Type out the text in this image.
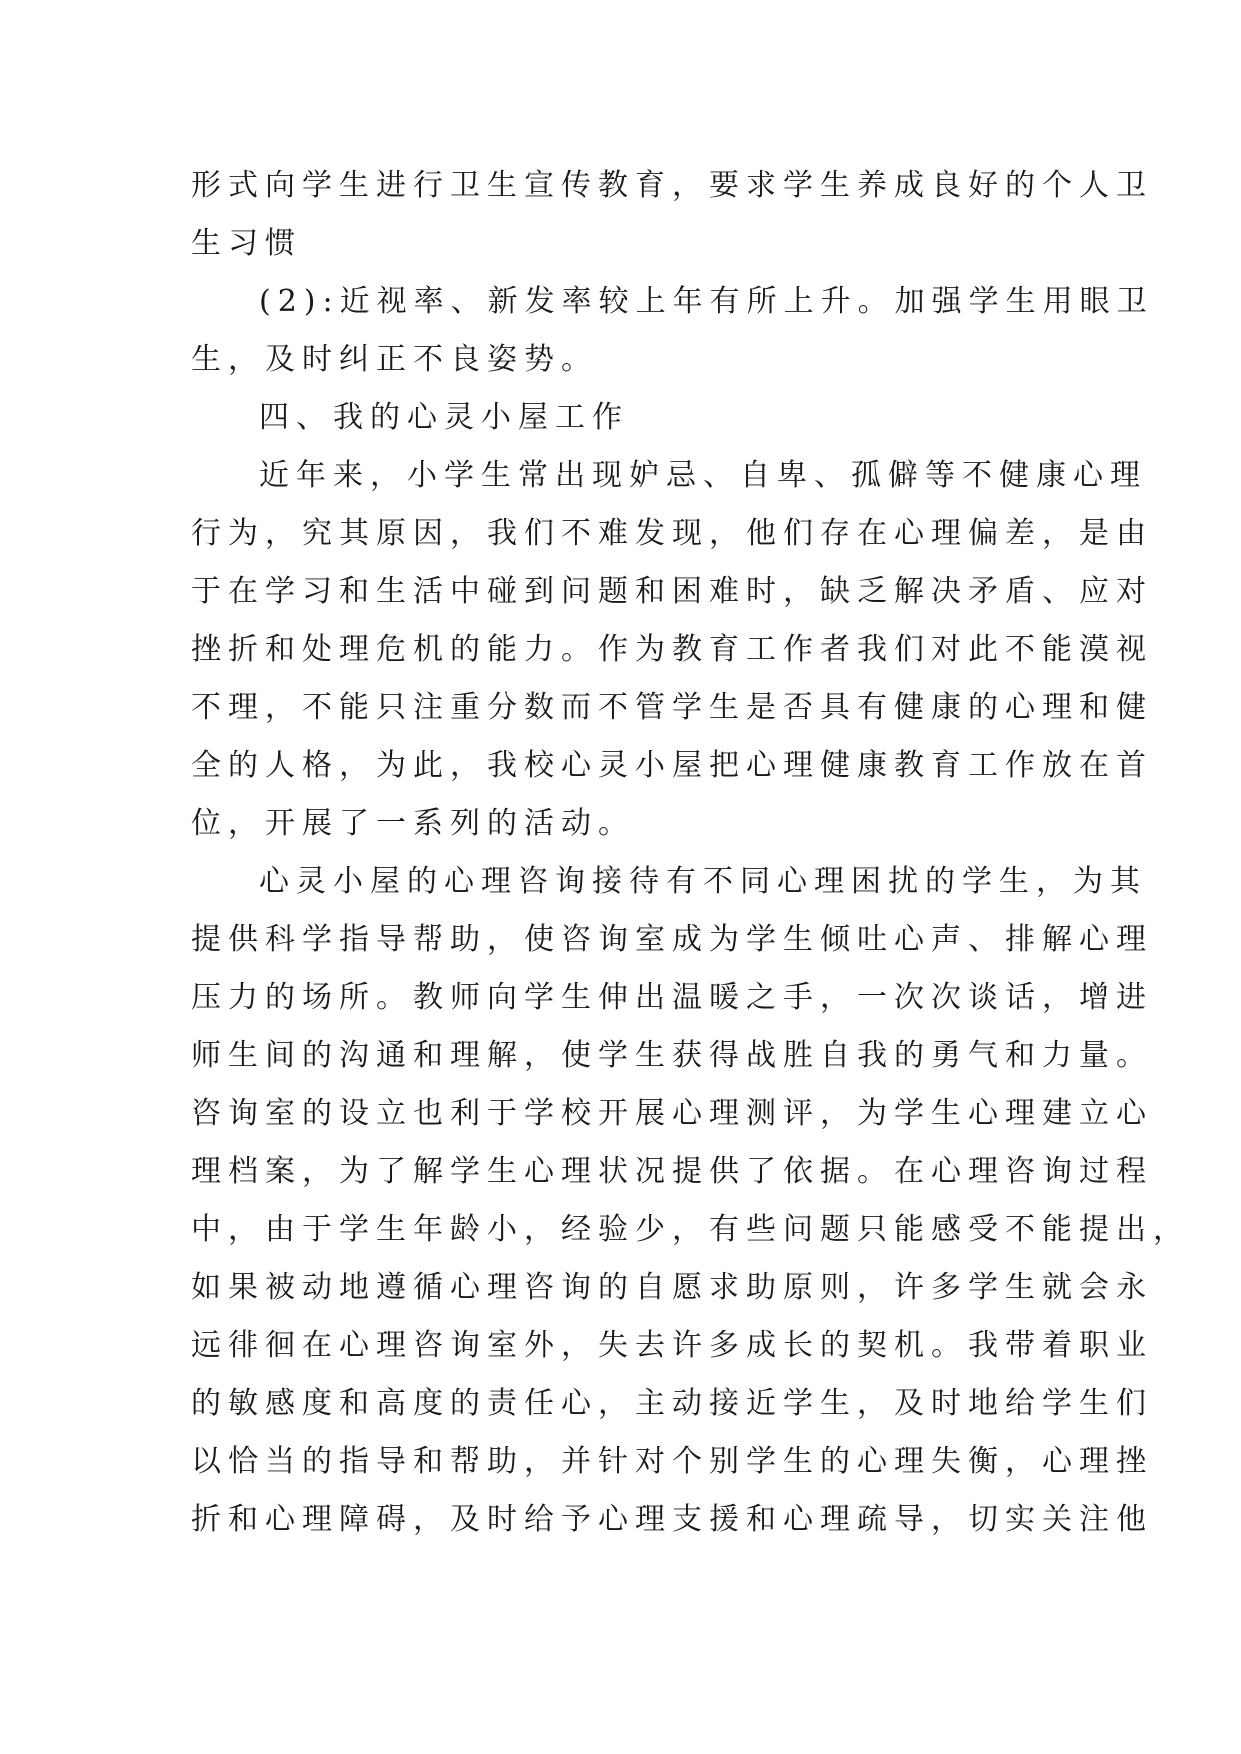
形式向学生进行卫生宣传教育，要求学生养成良好的个人卫
生习惯
(2):近视率、新发率较上年有所上升。加强学生用眼卫
生，及时纠正不良姿势。
四、我的心灵小屋工作
近年来，小学生常出现妒忌、自卑、孤僻等不健康心理
行为，究其原因，我们不难发现，他们存在心理偏差，是由
于在学习和生活中碰到问题和困难时，缺乏解决矛盾、应对
挫折和处理危机的能力。作为教育工作者我们对此不能漠视
不理，不能只注重分数而不管学生是否具有健康的心理和健
全的人格，为此，我校心灵小屋把心理健康教育工作放在首
位，开展了一系列的活动。
心灵小屋的心理咨询接待有不同心理困扰的学生，为其
提供科学指导帮助，使咨询室成为学生倾吐心声、排解心理
压力的场所。教师向学生伸出温暖之手，一次次谈话，增进
师生间的沟通和理解，使学生获得战胜自我的勇气和力量。
咨询室的设立也利于学校开展心理测评，为学生心理建立心
理档案，为了解学生心理状况提供了依据。在心理咨询过程
中，由于学生年龄小，经验少，有些问题只能感受不能提出，
如果被动地遵循心理咨询的自愿求助原则，许多学生就会永
远徘徊在心理咨询室外，失去许多成长的契机。我带着职业
的敏感度和高度的责任心，主动接近学生，及时地给学生们
以恰当的指导和帮助，并针对个别学生的心理失衡，心理挫
折和心理障碍，及时给予心理支援和心理疏导，切实关注他
